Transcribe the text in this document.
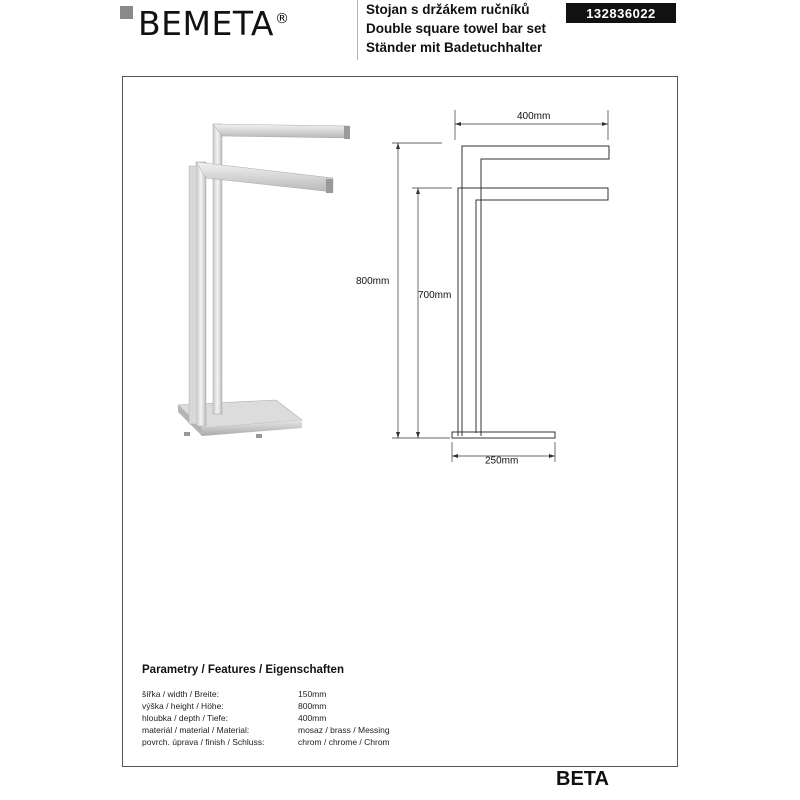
BEMETA®
Stojan s držákem ručníků
Double square towel bar set
Ständer mit Badetuchhalter
132836022
400mm
800mm
700mm
250mm
Parametry / Features / Eigenschaften
šířka / width / Breite:	150mm
výška / height / Höhe:	800mm
hloubka / depth / Tiefe:	400mm
materiál / material / Material:	mosaz / brass / Messing
povrch. úprava / finish / Schluss:	chrom / chrome / Chrom
BETA
